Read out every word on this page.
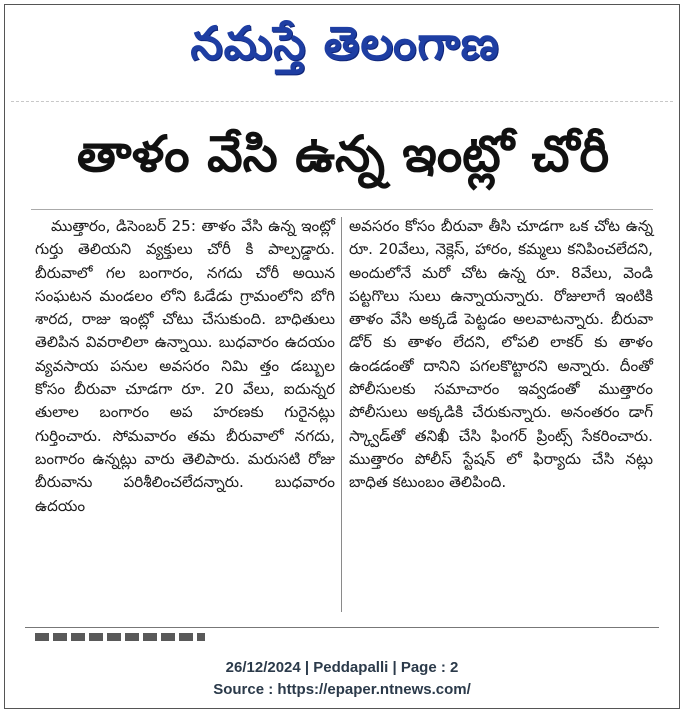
నమస్తే తెలంగాణ
తాళం వేసి ఉన్న ఇంట్లో చోరీ

ముత్తారం, డిసెంబర్ 25: తాళం వేసి ఉన్న ఇంట్లో గుర్తు తెలియని వ్యక్తులు చోరీ కి పాల్పడ్డారు. బీరువాలో గల బంగారం, నగదు చోరీ అయిన సంఘటన మండలం లోని ఓడేడు గ్రామంలోని బోగి శారద, రాజు ఇంట్లో చోటు చేసుకుంది. బాధితులు తెలిపిన వివరాలిలా ఉన్నాయి. బుధవారం ఉదయం వ్యవసాయ పనుల అవసరం నిమి త్తం డబ్బుల కోసం బీరువా చూడగా రూ. 20 వేలు, ఐదున్నర తులాల బంగారం అప హరణకు గురైనట్లు గుర్తించారు. సోమవారం తమ బీరువాలో నగదు, బంగారం ఉన్నట్లు వారు తెలిపారు. మరుసటి రోజు బీరువాను పరిశీలించలేదన్నారు. బుధవారం ఉదయం

అవసరం కోసం బీరువా తీసి చూడగా ఒక చోట ఉన్న రూ. 20వేలు, నెక్లెస్, హారం, కమ్మలు కనిపించలేదని, అందులోనే మరో చోట ఉన్న రూ. 8వేలు, వెండి పట్టగొలు సులు ఉన్నాయన్నారు. రోజులాగే ఇంటికి తాళం వేసి అక్కడే పెట్టడం అలవాటన్నారు. బీరువా డోర్ కు తాళం లేదని, లోపలి లాకర్ కు తాళం ఉండడంతో దానిని పగలకొట్టారని అన్నారు. దీంతో పోలీసులకు సమాచారం ఇవ్వడంతో ముత్తారం పోలీసులు అక్కడికి చేరుకున్నారు. అనంతరం డాగ్ స్క్వాడ్‌తో తనిఖీ చేసి ఫింగర్ ప్రింట్స్ సేకరించారు. ముత్తారం పోలీస్ స్టేషన్ లో ఫిర్యాదు చేసి నట్లు బాధిత కటుంబం తెలిపింది.

26/12/2024 | Peddapalli | Page : 2
Source : https://epaper.ntnews.com/
